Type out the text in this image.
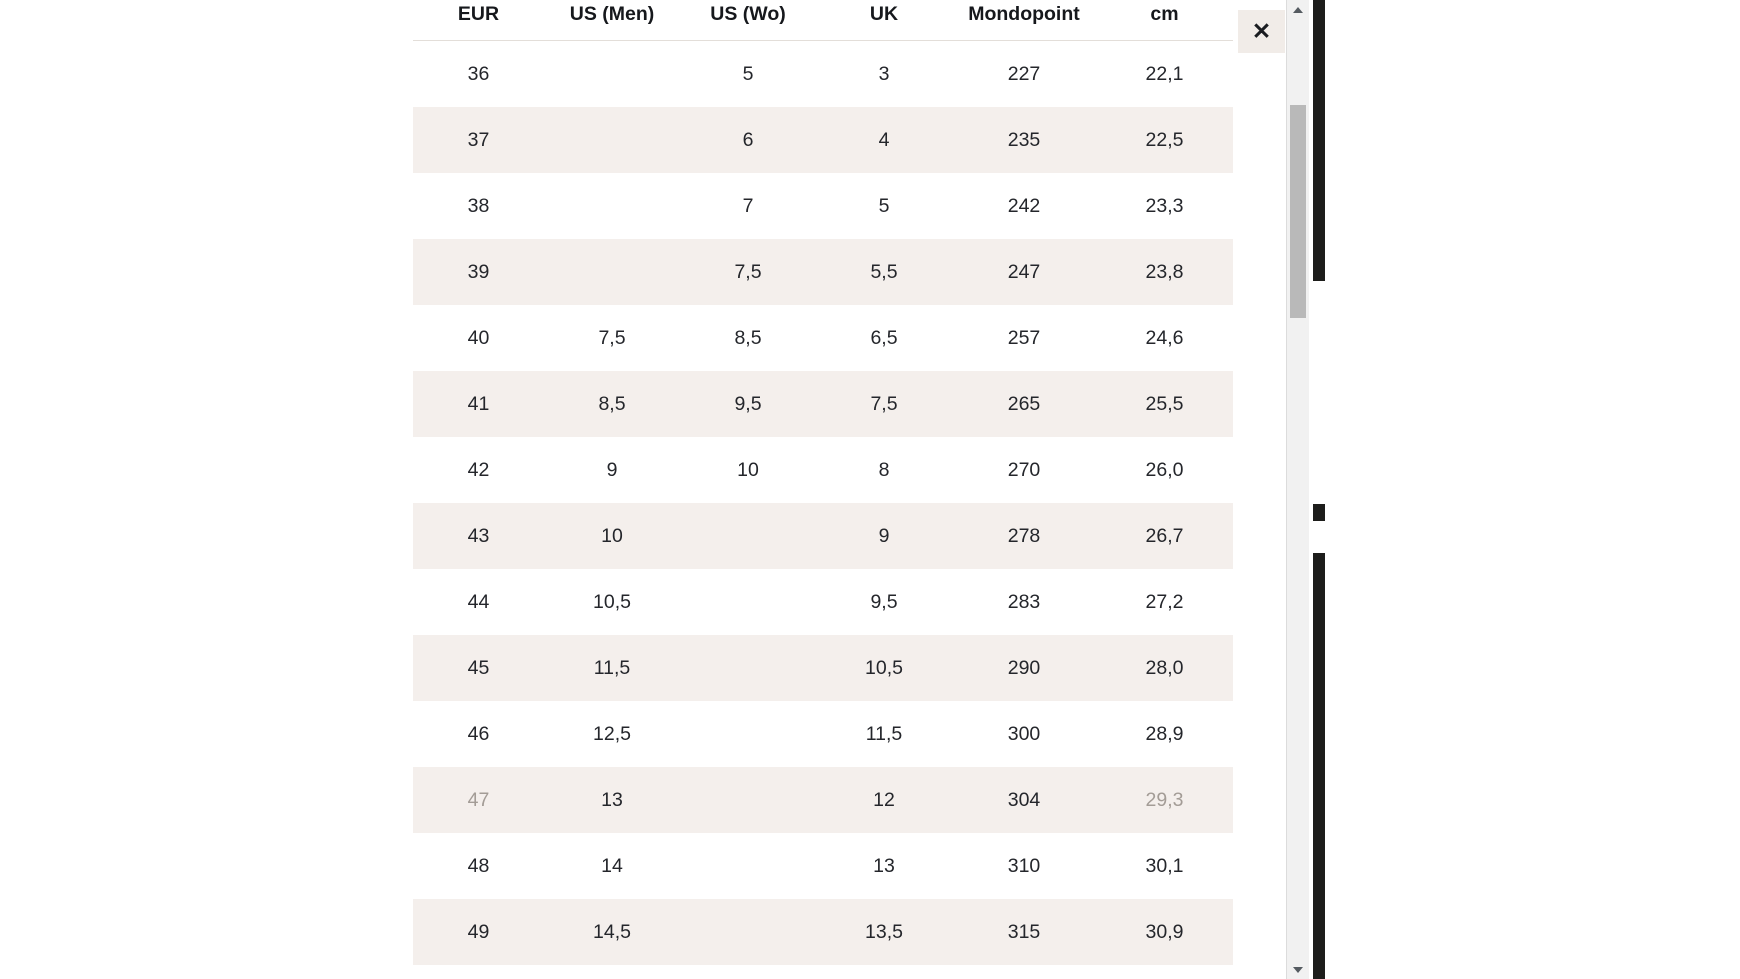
EUR	US (Men)	US (Wo)	UK	Mondopoint	cm
36		5	3	227	22,1
37		6	4	235	22,5
38		7	5	242	23,3
39		7,5	5,5	247	23,8
40	7,5	8,5	6,5	257	24,6
41	8,5	9,5	7,5	265	25,5
42	9	10	8	270	26,0
43	10		9	278	26,7
44	10,5		9,5	283	27,2
45	11,5		10,5	290	28,0
46	12,5		11,5	300	28,9
47	13		12	304	29,3
48	14		13	310	30,1
49	14,5		13,5	315	30,9
✕
